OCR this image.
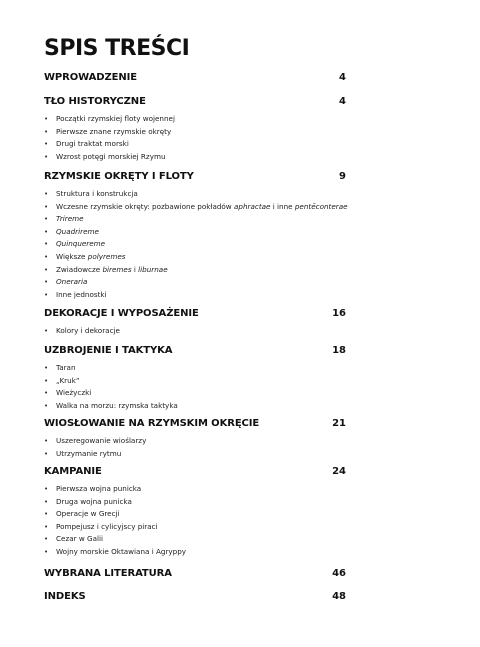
SPIS TREŚCI
WPROWADZENIE	4
TŁO HISTORYCZNE	4
• Początki rzymskiej floty wojennej
• Pierwsze znane rzymskie okręty
• Drugi traktat morski
• Wzrost potęgi morskiej Rzymu
RZYMSKIE OKRĘTY I FLOTY	9
• Struktura i konstrukcja
• Wczesne rzymskie okręty: pozbawione pokładów aphractae i inne pentēconterae
• Trireme
• Quadrireme
• Quinquereme
• Większe polyremes
• Zwiadowcze biremes i liburnae
• Oneraria
• Inne jednostki
DEKORACJE I WYPOSAŻENIE	16
• Kolory i dekoracje
UZBROJENIE I TAKTYKA	18
• Taran
• „Kruk”
• Wieżyczki
• Walka na morzu: rzymska taktyka
WIOSŁOWANIE NA RZYMSKIM OKRĘCIE	21
• Uszeregowanie wioślarzy
• Utrzymanie rytmu
KAMPANIE	24
• Pierwsza wojna punicka
• Druga wojna punicka
• Operacje w Grecji
• Pompejusz i cylicyjscy piraci
• Cezar w Galii
• Wojny morskie Oktawiana i Agryppy
WYBRANA LITERATURA	46
INDEKS	48
